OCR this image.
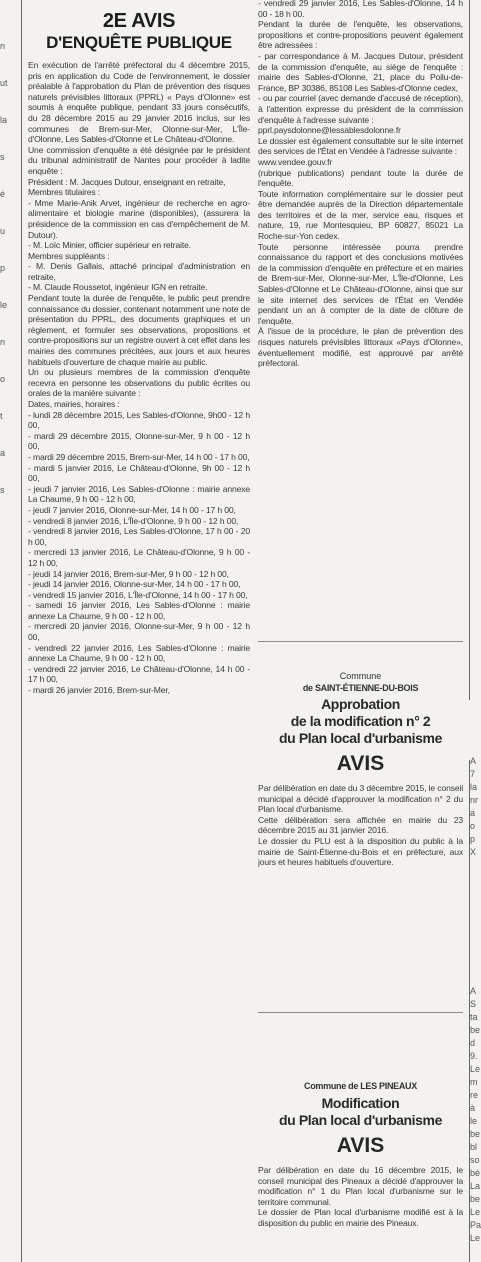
n
ut
la
s
é
u
p
le
n
o
t
a
s
A
7
la
nr
a
o
p
X
A
S
ta
be
d
9.
Le
m
re
à
le
be
bl
so
bé
La
be
Le
Pa
Le
2E AVIS
D'ENQUÊTE PUBLIQUE

En exécution de l'arrêté préfectoral du 4 décembre 2015, pris en application du Code de l'environnement, le dossier préalable à l'approbation du Plan de prévention des risques naturels prévisibles littoraux (PPRL) « Pays d'Olonne» est soumis à enquête publique, pendant 33 jours consécutifs, du 28 décembre 2015 au 29 janvier 2016 inclus, sur les communes de Brem-sur-Mer, Olonne-sur-Mer, L'Île-d'Olonne, Les Sables-d'Olonne et Le Château-d'Olonne.

Une commission d'enquête a été désignée par le président du tribunal administratif de Nantes pour procéder à ladite enquête :

Président : M. Jacques Dutour, enseignant en retraite,

Membres titulaires :

- Mme Marie-Anik Arvet, ingénieur de recherche en agro-alimentaire et biologie marine (disponibles), (assurera la présidence de la commission en cas d'empêchement de M. Dutour).

- M. Loïc Minier, officier supérieur en retraite.

Membres suppléants :

- M. Denis Gallais, attaché principal d'administration en retraite,

- M. Claude Roussetot, ingénieur IGN en retraite.

Pendant toute la durée de l'enquête, le public peut prendre connaissance du dossier, contenant notamment une note de présentation du PPRL, des documents graphiques et un règlement, et formuler ses observations, propositions et contre-propositions sur un registre ouvert à cet effet dans les mairies des communes précitées, aux jours et aux heures habituels d'ouverture de chaque mairie au public.

Un ou plusieurs membres de la commission d'enquête recevra en personne les observations du public écrites ou orales de la manière suivante :

Dates, mairies, horaires :

- lundi 28 décembre 2015, Les Sables-d'Olonne, 9h00 - 12 h 00,

- mardi 29 décembre 2015, Olonne-sur-Mer, 9 h 00 - 12 h 00,

- mardi 29 décembre 2015, Brem-sur-Mer, 14 h 00 - 17 h 00,

- mardi 5 janvier 2016, Le Château-d'Olonne, 9h 00 - 12 h 00,

- jeudi 7 janvier 2016, Les Sables-d'Olonne : mairie annexe La Chaume, 9 h 00 - 12 h 00,

- jeudi 7 janvier 2016, Olonne-sur-Mer, 14 h 00 - 17 h 00,

- vendredi 8 janvier 2016, L'Île-d'Olonne, 9 h 00 - 12 h 00,

- vendredi 8 janvier 2016, Les Sables-d'Olonne, 17 h 00 - 20 h 00,

- mercredi 13 janvier 2016, Le Château-d'Olonne, 9 h 00 - 12 h 00,

- jeudi 14 janvier 2016, Brem-sur-Mer, 9 h 00 - 12 h 00,

- jeudi 14 janvier 2016, Olonne-sur-Mer, 14 h 00 - 17 h 00,

- vendredi 15 janvier 2016, L'Île-d'Olonne, 14 h 00 - 17 h 00,

- samedi 16 janvier 2016, Les Sables-d'Olonne : mairie annexe La Chaume, 9 h 00 - 12 h 00,

- mercredi 20 janvier 2016, Olonne-sur-Mer, 9 h 00 - 12 h 00,

- vendredi 22 janvier 2016, Les Sables-d'Olonne : mairie annexe La Chaume, 9 h 00 - 12 h 00,

- vendredi 22 janvier 2016, Le Château-d'Olonne, 14 h 00 - 17 h 00,

- mardi 26 janvier 2016, Brem-sur-Mer,

- vendredi 29 janvier 2016, Les Sables-d'Olonne, 14 h 00 - 18 h 00.

Pendant la durée de l'enquête, les observations, propositions et contre-propositions peuvent également être adressées :

- par correspondance à M. Jacques Dutour, président de la commission d'enquête, au siège de l'enquête : mairie des Sables-d'Olonne, 21, place du Poilu-de-France, BP 30386, 85108 Les Sables-d'Olonne cedex,

- ou par courriel (avec demande d'accusé de réception), à l'attention expresse du président de la commission d'enquête à l'adresse suivante :

pprl.paysdolonne@lessablesdolonne.fr

Le dossier est également consultable sur le site internet des services de l'État en Vendée à l'adresse suivante :

www.vendee.gouv.fr

(rubrique publications) pendant toute la durée de l'enquête.

Toute information complémentaire sur le dossier peut être demandée auprès de la Direction départementale des territoires et de la mer, service eau, risques et nature, 19, rue Montesquieu, BP 60827, 85021 La Roche-sur-Yon cedex.

Toute personne intéressée pourra prendre connaissance du rapport et des conclusions motivées de la commission d'enquête en préfecture et en mairies de Brem-sur-Mer, Olonne-sur-Mer, L'Île-d'Olonne, Les Sables-d'Olonne et Le Château-d'Olonne, ainsi que sur le site internet des services de l'État en Vendée pendant un an à compter de la date de clôture de l'enquête.

À l'issue de la procédure, le plan de prévention des risques naturels prévisibles littoraux «Pays d'Olonne», éventuellement modifié, est approuvé par arrêté préfectoral.

Commune
de SAINT-ÉTIENNE-DU-BOIS
Approbation
de la modification n° 2
du Plan local d'urbanisme
AVIS

Par délibération en date du 3 décembre 2015, le conseil municipal a décidé d'approuver la modification n° 2 du Plan local d'urbanisme.

Cette délibération sera affichée en mairie du 23 décembre 2015 au 31 janvier 2016.

Le dossier du PLU est à la disposition du public à la mairie de Saint-Étienne-du-Bois et en préfecture, aux jours et heures habituels d'ouverture.

Commune de LES PINEAUX
Modification
du Plan local d'urbanisme
AVIS

Par délibération en date du 16 décembre 2015, le conseil municipal des Pineaux a décidé d'approuver la modification n° 1 du Plan local d'urbanisme sur le territoire communal.

Le dossier de Plan local d'urbanisme modifié est à la disposition du public en mairie des Pineaux.
